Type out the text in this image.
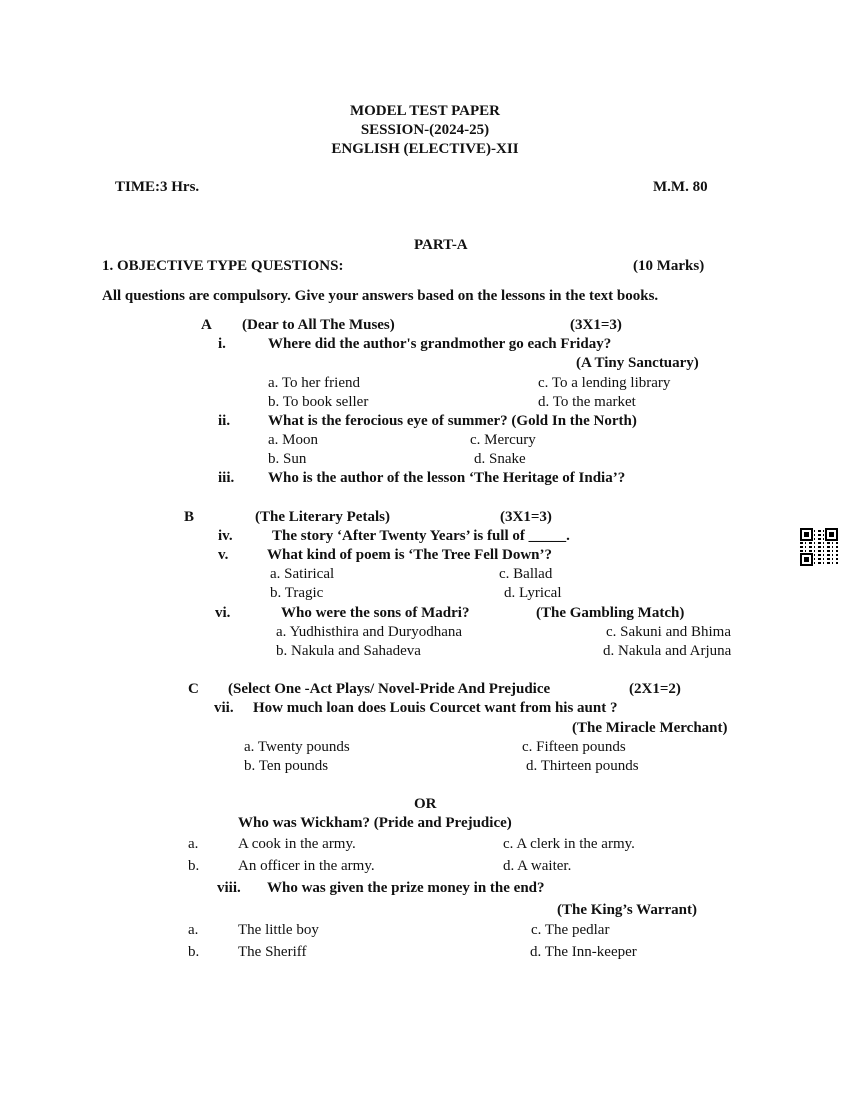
MODEL TEST PAPER
SESSION-(2024-25)
ENGLISH (ELECTIVE)-XII
TIME:3 Hrs.	M.M. 80
PART-A
1. OBJECTIVE TYPE QUESTIONS:	(10 Marks)
All questions are compulsory. Give your answers based on the lessons in the text books.
A (Dear to All The Muses)	(3X1=3)
i.	Where did the author's grandmother go each Friday?
(A Tiny Sanctuary)
a. To her friend	c. To a lending library
b. To book seller	d. To the market
ii.	What is the ferocious eye of summer? (Gold In the North)
a. Moon	c. Mercury
b. Sun	d. Snake
iii. Who is the author of the lesson ‘The Heritage of India’?
B	(The Literary Petals)	(3X1=3)
iv.	The story ‘After Twenty Years’ is full of _____.
v.	What kind of poem is ‘The Tree Fell Down’?
a. Satirical	c. Ballad
b. Tragic	d. Lyrical
vi.	Who were the sons of Madri?	(The Gambling Match)
a. Yudhisthira and Duryodhana	c. Sakuni and Bhima
b. Nakula and Sahadeva	d. Nakula and Arjuna
C (Select One -Act Plays/ Novel-Pride And Prejudice	(2X1=2)
vii. How much loan does Louis Courcet want from his aunt ?
(The Miracle Merchant)
a. Twenty pounds	c. Fifteen pounds
b. Ten pounds	d. Thirteen pounds
OR
Who was Wickham? (Pride and Prejudice)
a.	A cook in the army.	c. A clerk in the army.
b.	An officer in the army.	d. A waiter.
viii. Who was given the prize money in the end?
(The King’s Warrant)
a.	The little boy	c. The pedlar
b.	The Sheriff	d. The Inn-keeper
